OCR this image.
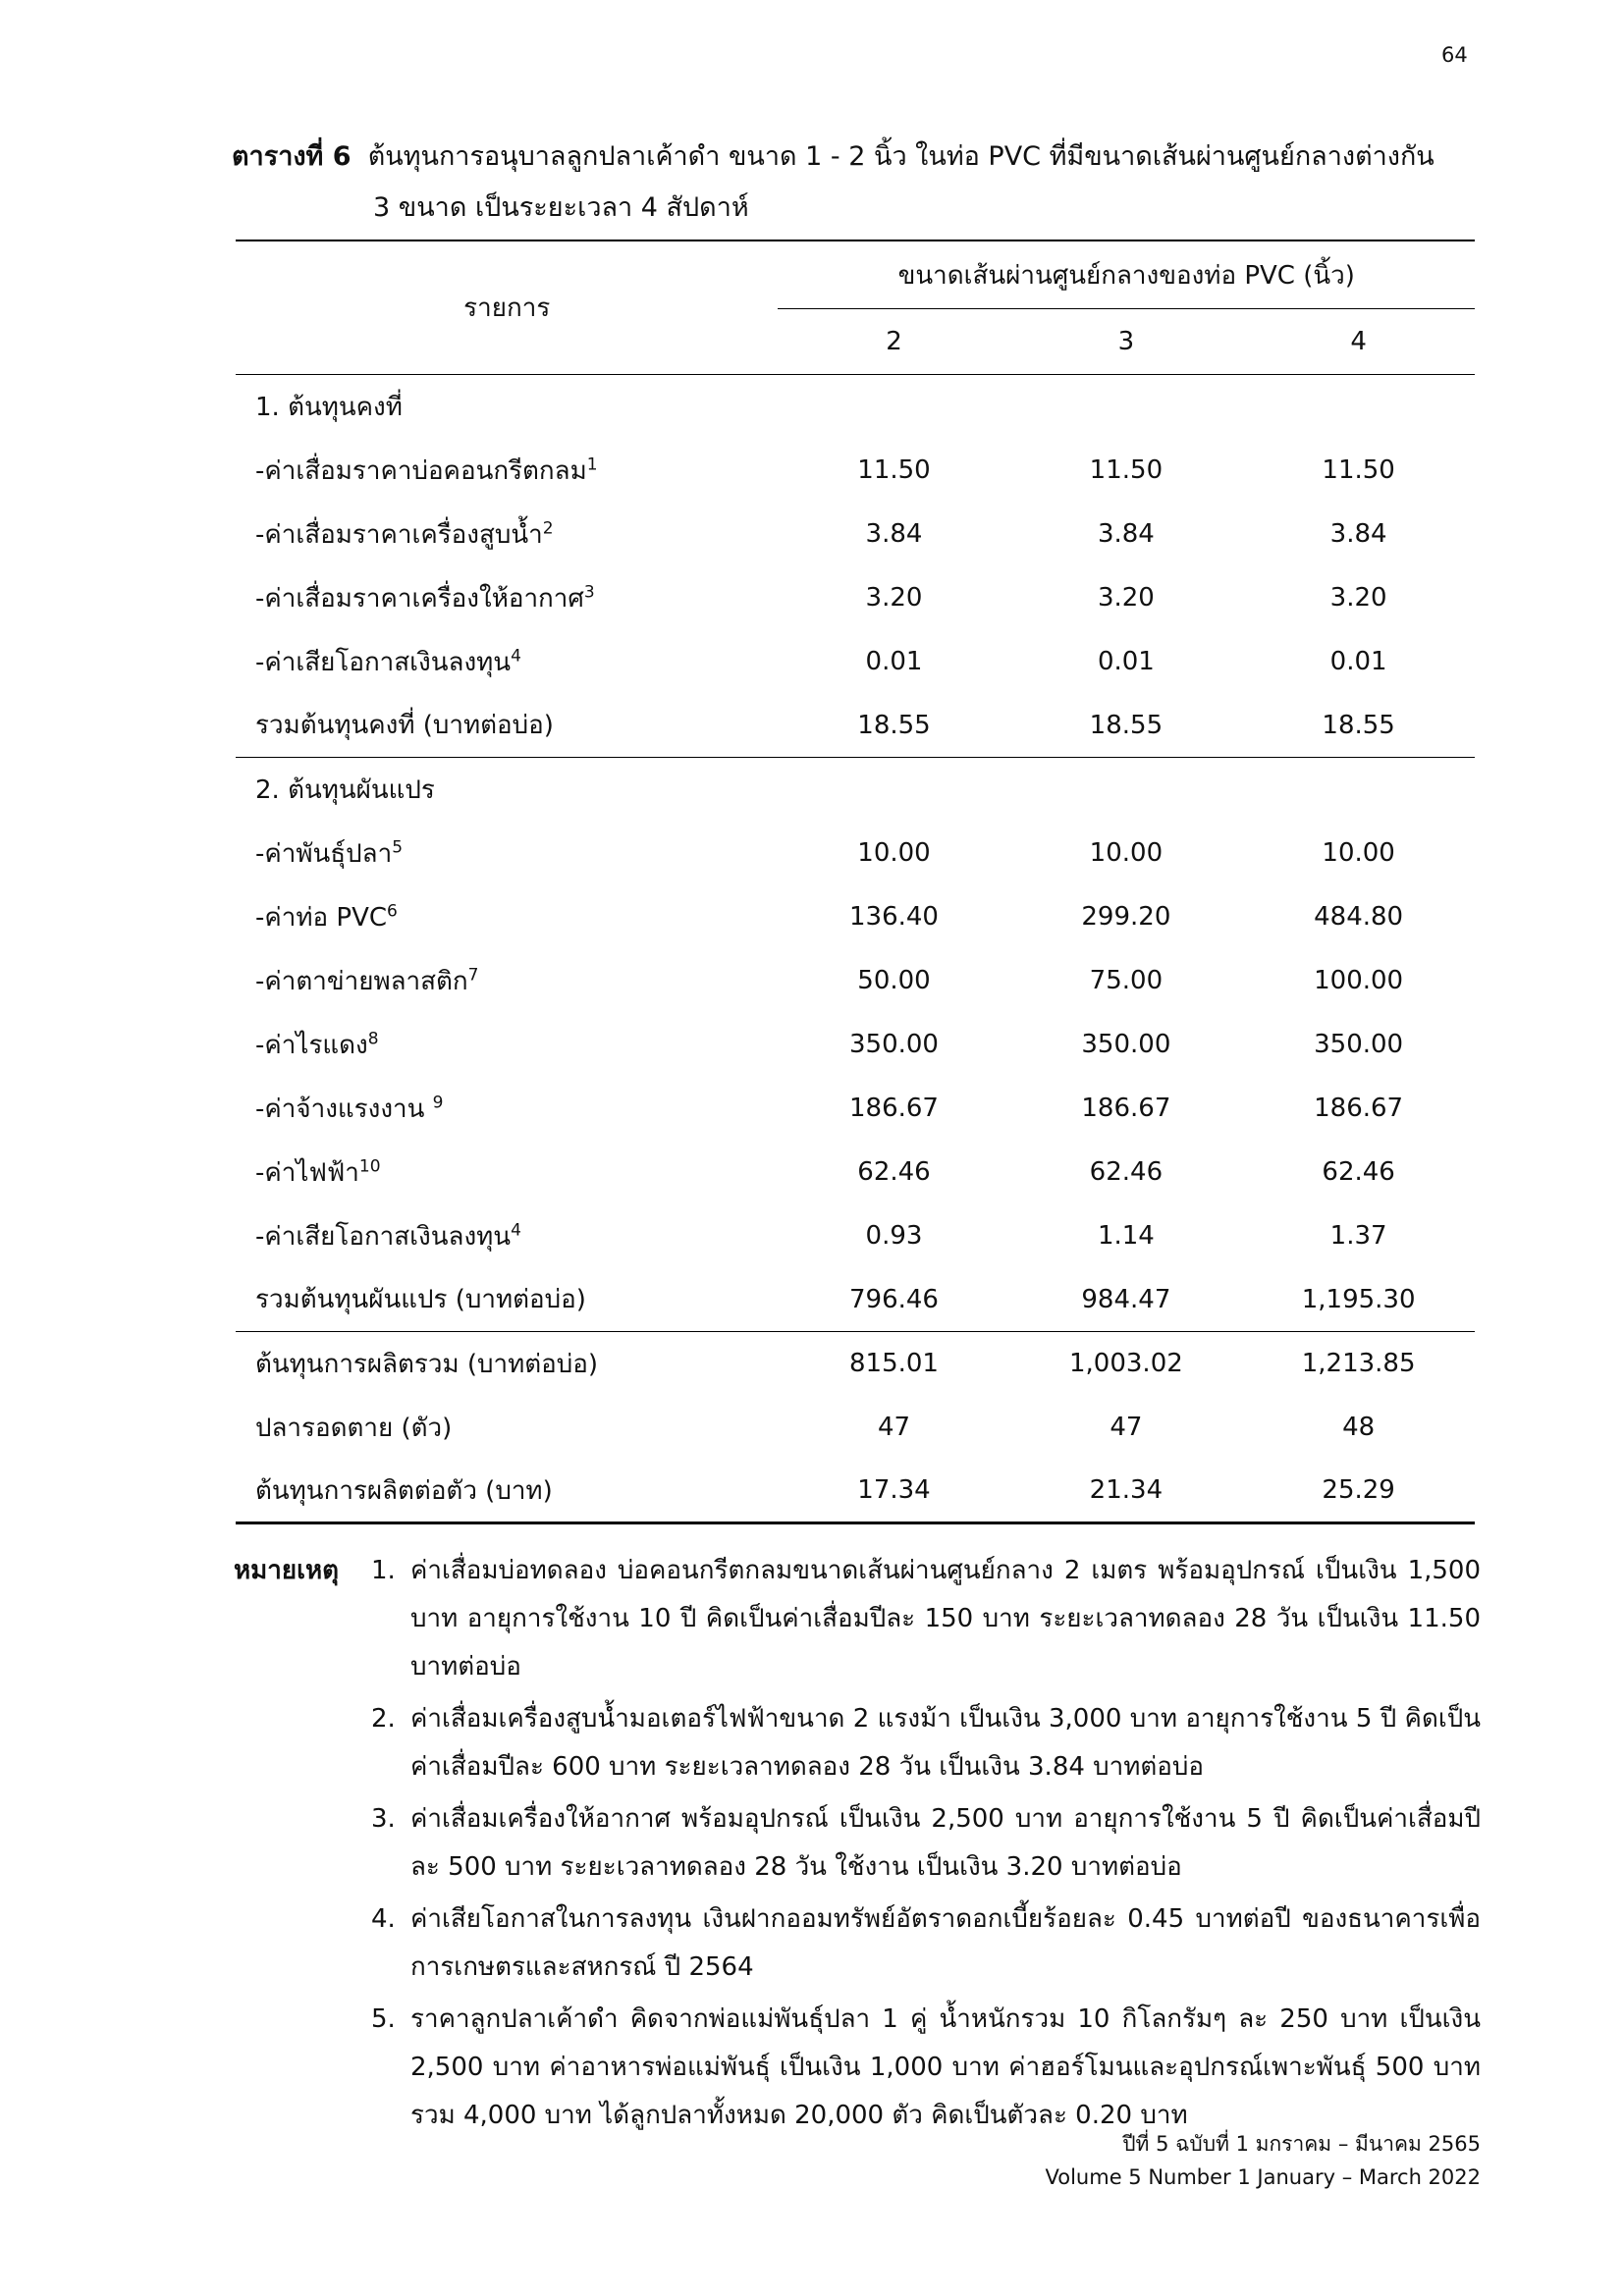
64
ตารางที่ 6 ต้นทุนการอนุบาลลูกปลาเค้าดำ ขนาด 1 - 2 นิ้ว ในท่อ PVC ที่มีขนาดเส้นผ่านศูนย์กลางต่างกัน
3 ขนาด เป็นระยะเวลา 4 สัปดาห์
รายการ	ขนาดเส้นผ่านศูนย์กลางของท่อ PVC (นิ้ว)		
	2	3	4
1. ต้นทุนคงที่			
-ค่าเสื่อมราคาบ่อคอนกรีตกลม$^1$	11.50	11.50	11.50
-ค่าเสื่อมราคาเครื่องสูบน้ำ$^2$	3.84	3.84	3.84
-ค่าเสื่อมราคาเครื่องให้อากาศ$^3$	3.20	3.20	3.20
-ค่าเสียโอกาสเงินลงทุน$^4$	0.01	0.01	0.01
รวมต้นทุนคงที่ (บาทต่อบ่อ)	18.55	18.55	18.55
2. ต้นทุนผันแปร			
-ค่าพันธุ์ปลา$^5$	10.00	10.00	10.00
-ค่าท่อ PVC$^6$	136.40	299.20	484.80
-ค่าตาข่ายพลาสติก$^7$	50.00	75.00	100.00
-ค่าไรแดง$^8$	350.00	350.00	350.00
-ค่าจ้างแรงงาน $^9$	186.67	186.67	186.67
-ค่าไฟฟ้า$^{10}$	62.46	62.46	62.46
-ค่าเสียโอกาสเงินลงทุน$^4$	0.93	1.14	1.37
รวมต้นทุนผันแปร (บาทต่อบ่อ)	796.46	984.47	1,195.30
ต้นทุนการผลิตรวม (บาทต่อบ่อ)	815.01	1,003.02	1,213.85
ปลารอดตาย (ตัว)	47	47	48
ต้นทุนการผลิตต่อตัว (บาท)	17.34	21.34	25.29
หมายเหตุ	1. ค่าเสื่อมบ่อทดลอง บ่อคอนกรีตกลมขนาดเส้นผ่านศูนย์กลาง 2 เมตร พร้อมอุปกรณ์ เป็นเงิน 1,500 บาท อายุการใช้งาน 10 ปี คิดเป็นค่าเสื่อมปีละ 150 บาท ระยะเวลาทดลอง 28 วัน เป็นเงิน 11.50 บาทต่อบ่อ
2. ค่าเสื่อมเครื่องสูบน้ำมอเตอร์ไฟฟ้าขนาด 2 แรงม้า เป็นเงิน 3,000 บาท อายุการใช้งาน 5 ปี คิดเป็นค่าเสื่อมปีละ 600 บาท ระยะเวลาทดลอง 28 วัน เป็นเงิน 3.84 บาทต่อบ่อ
3. ค่าเสื่อมเครื่องให้อากาศ พร้อมอุปกรณ์ เป็นเงิน 2,500 บาท อายุการใช้งาน 5 ปี คิดเป็นค่าเสื่อมปีละ 500 บาท ระยะเวลาทดลอง 28 วัน ใช้งาน เป็นเงิน 3.20 บาทต่อบ่อ
4. ค่าเสียโอกาสในการลงทุน เงินฝากออมทรัพย์อัตราดอกเบี้ยร้อยละ 0.45 บาทต่อปี ของธนาคารเพื่อการเกษตรและสหกรณ์ ปี 2564
5. ราคาลูกปลาเค้าดำ คิดจากพ่อแม่พันธุ์ปลา 1 คู่ น้ำหนักรวม 10 กิโลกรัมๆ ละ 250 บาท เป็นเงิน 2,500 บาท ค่าอาหารพ่อแม่พันธุ์ เป็นเงิน 1,000 บาท ค่าฮอร์โมนและอุปกรณ์เพาะพันธุ์ 500 บาท รวม 4,000 บาท ได้ลูกปลาทั้งหมด 20,000 ตัว คิดเป็นตัวละ 0.20 บาท
ปีที่ 5 ฉบับที่ 1 มกราคม – มีนาคม 2565
Volume 5 Number 1 January – March 2022
